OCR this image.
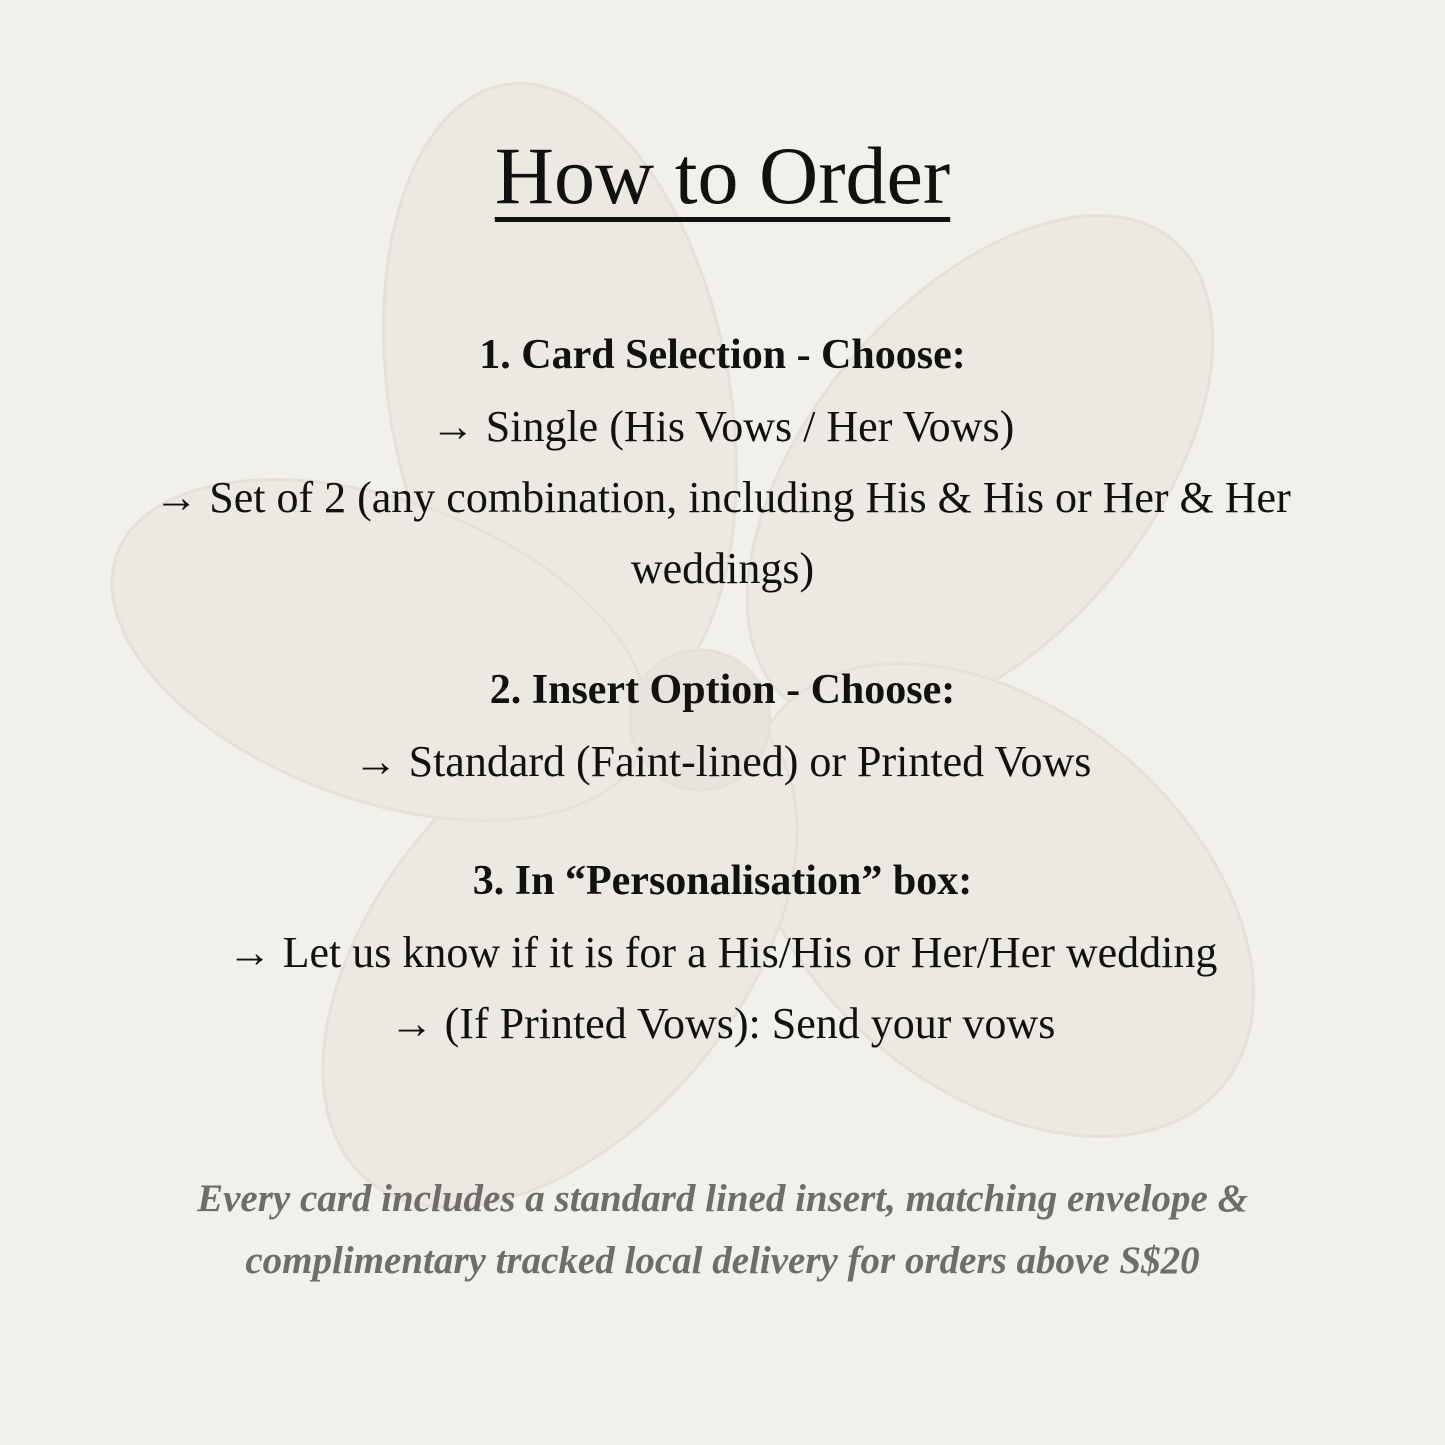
How to Order
1. Card Selection - Choose:
→ Single (His Vows / Her Vows)
→ Set of 2 (any combination, including His & His or Her & Her weddings)
2. Insert Option - Choose:
→ Standard (Faint-lined) or Printed Vows
3. In “Personalisation” box:
→ Let us know if it is for a His/His or Her/Her wedding
→ (If Printed Vows): Send your vows
Every card includes a standard lined insert, matching envelope &
complimentary tracked local delivery for orders above S$20
